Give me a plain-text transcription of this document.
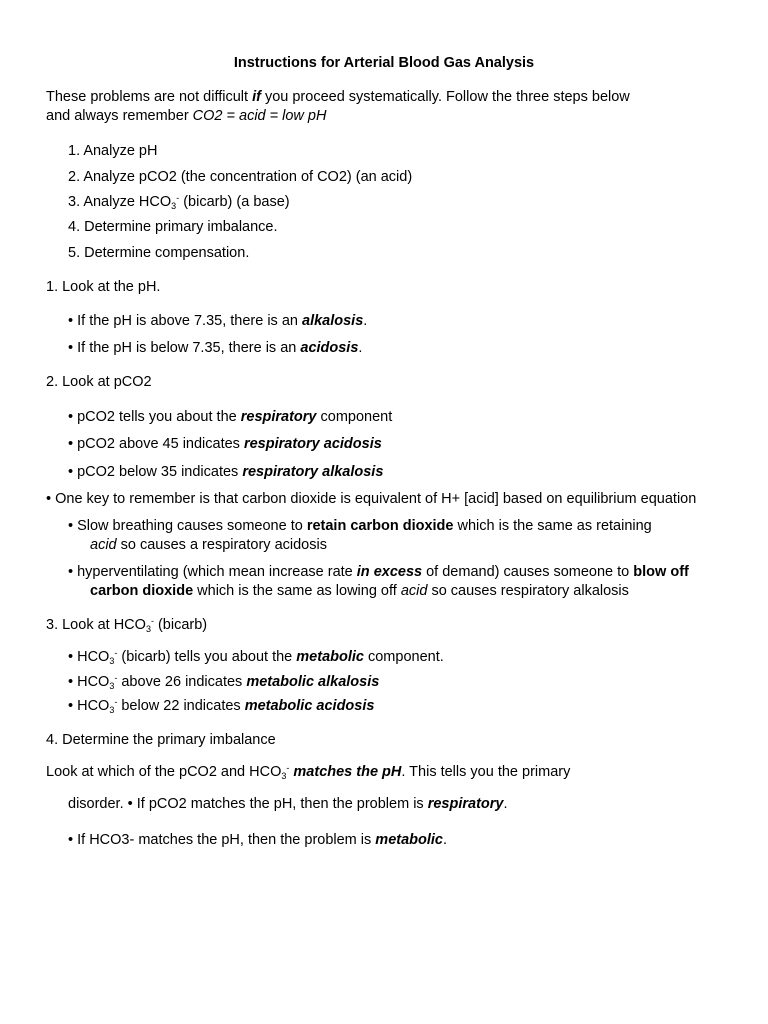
Instructions for Arterial Blood Gas Analysis
These problems are not difficult if you proceed systematically. Follow the three steps below
and always remember CO2 = acid = low pH
1. Analyze pH
2. Analyze pCO2 (the concentration of CO2) (an acid)
3. Analyze $HCO_3^-$ (bicarb) (a base)
4. Determine primary imbalance.
5. Determine compensation.
1. Look at the pH.
• If the pH is above 7.35, there is an alkalosis.
• If the pH is below 7.35, there is an acidosis.
2. Look at pCO2
• pCO2 tells you about the respiratory component
• pCO2 above 45 indicates respiratory acidosis
• pCO2 below 35 indicates respiratory alkalosis
• One key to remember is that carbon dioxide is equivalent of H+ [acid] based on equilibrium equation
• Slow breathing causes someone to retain carbon dioxide which is the same as retaining
acid so causes a respiratory acidosis
• hyperventilating (which mean increase rate in excess of demand) causes someone to blow off
carbon dioxide which is the same as lowing off acid so causes respiratory alkalosis
3. Look at $HCO_3^-$ (bicarb)
• $HCO_3^-$ (bicarb) tells you about the metabolic component.
• $HCO_3^-$ above 26 indicates metabolic alkalosis
• $HCO_3^-$ below 22 indicates metabolic acidosis
4. Determine the primary imbalance
Look at which of the pCO2 and $HCO_3^-$ matches the pH. This tells you the primary
disorder. • If pCO2 matches the pH, then the problem is respiratory.
• If HCO3- matches the pH, then the problem is metabolic.
